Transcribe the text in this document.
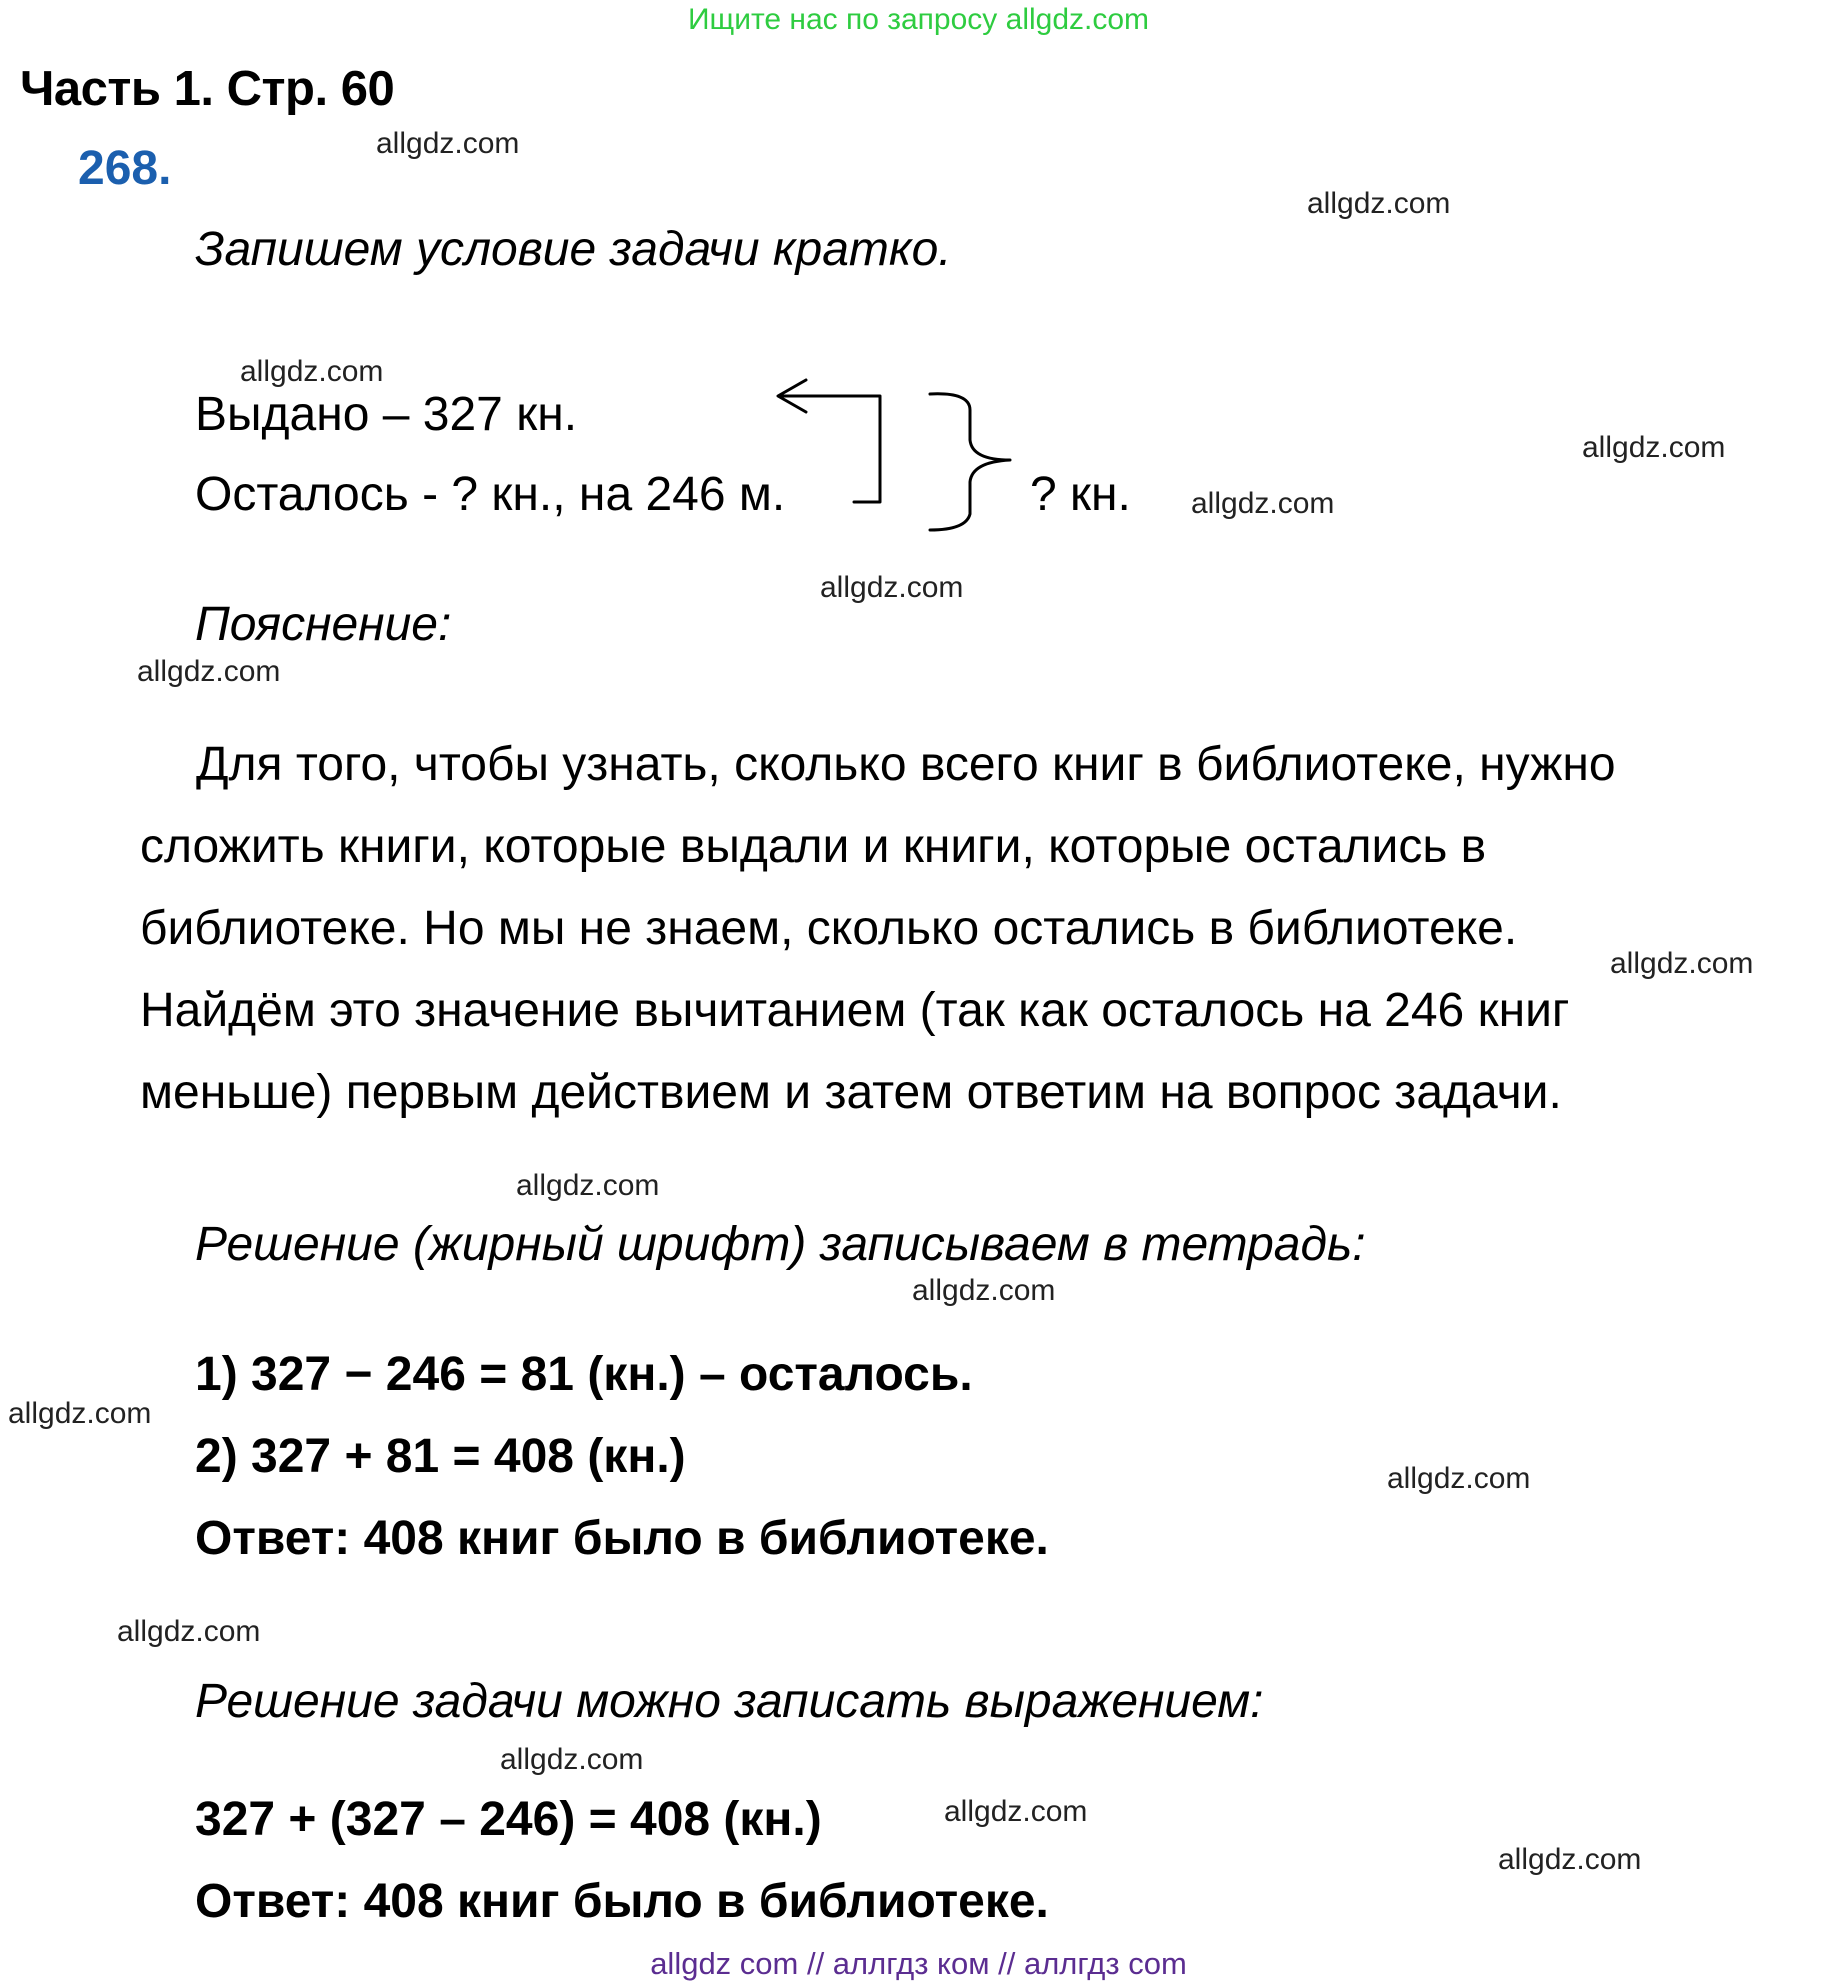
Ищите нас по запросу allgdz.com
Часть 1. Стр. 60
268.
Запишем условие задачи кратко.
Выдано – 327 кн.
Осталось - ? кн., на 246 м.	? кн.
Пояснение:
Для того, чтобы узнать, сколько всего книг в библиотеке, нужно
сложить книги, которые выдали и книги, которые остались в
библиотеке. Но мы не знаем, сколько остались в библиотеке.
Найдём это значение вычитанием (так как осталось на 246 книг
меньше) первым действием и затем ответим на вопрос задачи.
Решение (жирный шрифт) записываем в тетрадь:
1) 327 − 246 = 81 (кн.) – осталось.
2) 327 + 81 = 408 (кн.)
Ответ: 408 книг было в библиотеке.
Решение задачи можно записать выражением:
327 + (327 – 246) = 408 (кн.)
Ответ: 408 книг было в библиотеке.
allgdz.com
allgdz.com
allgdz.com
allgdz.com
allgdz.com
allgdz.com
allgdz.com
allgdz.com
allgdz.com
allgdz.com
allgdz.com
allgdz.com
allgdz.com
allgdz.com
allgdz.com
allgdz.com
allgdz com // аллгдз ком // аллгдз com
